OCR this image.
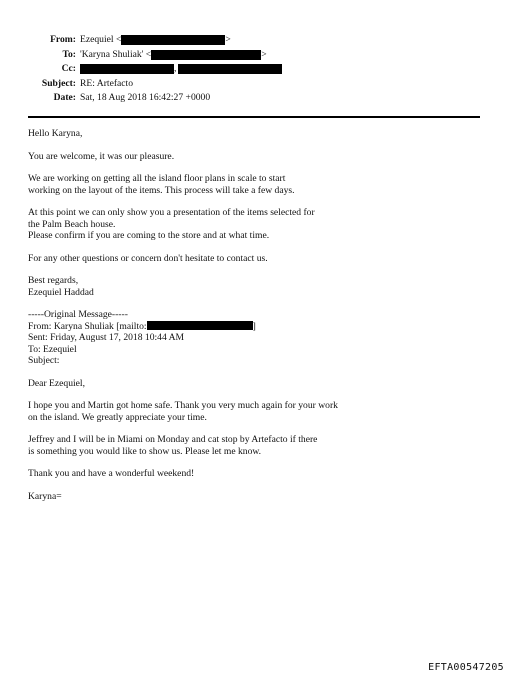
From: Ezequiel <	>
To: 'Karyna Shuliak' <	>
Cc:	,
Subject: RE: Artefacto
Date: Sat, 18 Aug 2018 16:42:27 +0000

Hello Karyna,

You are welcome, it was our pleasure.

We are working on getting all the island floor plans in scale to start
working on the layout of the items. This process will take a few days.

At this point we can only show you a presentation of the items selected for
the Palm Beach house.
Please confirm if you are coming to the store and at what time.

For any other questions or concern don't hesitate to contact us.

Best regards,
Ezequiel Haddad

-----Original Message-----
From: Karyna Shuliak [mailto:	]
Sent: Friday, August 17, 2018 10:44 AM
To: Ezequiel
Subject:

Dear Ezequiel,

I hope you and Martin got home safe. Thank you very much again for your work
on the island. We greatly appreciate your time.

Jeffrey and I will be in Miami on Monday and cat stop by Artefacto if there
is something you would like to show us. Please let me know.

Thank you and have a wonderful weekend!

Karyna=

EFTA00547205
